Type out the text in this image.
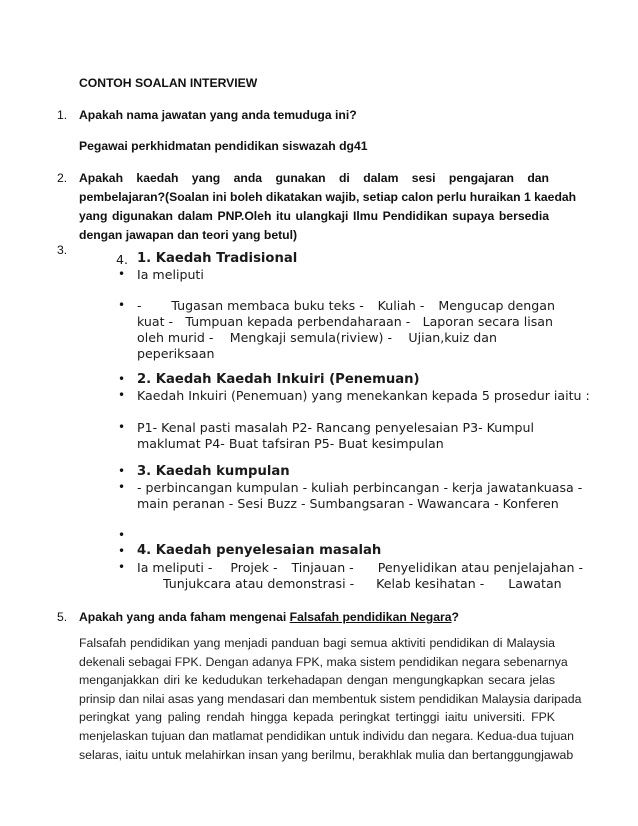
CONTOH SOALAN INTERVIEW
1. Apakah nama jawatan yang anda temuduga ini?
Pegawai perkhidmatan pendidikan siswazah dg41
2. Apakah kaedah yang anda gunakan di dalam sesi pengajaran dan
pembelajaran?(Soalan ini boleh dikatakan wajib, setiap calon perlu huraikan 1 kaedah
yang digunakan dalam PNP.Oleh itu ulangkaji Ilmu Pendidikan supaya bersedia
dengan jawapan dan teori yang betul)
3.
4. 1. Kaedah Tradisional
• Ia meliputi
• - Tugasan membaca buku teks - Kuliah - Mengucap dengan
kuat - Tumpuan kepada perbendaharaan - Laporan secara lisan
oleh murid - Mengkaji semula(riview) - Ujian,kuiz dan
peperiksaan
• 2. Kaedah Kaedah Inkuiri (Penemuan)
• Kaedah Inkuiri (Penemuan) yang menekankan kepada 5 prosedur iaitu :
• P1- Kenal pasti masalah P2- Rancang penyelesaian P3- Kumpul
maklumat P4- Buat tafsiran P5- Buat kesimpulan
• 3. Kaedah kumpulan
• - perbincangan kumpulan - kuliah perbincangan - kerja jawatankuasa -
main peranan - Sesi Buzz - Sumbangsaran - Wawancara - Konferen
•
• 4. Kaedah penyelesaian masalah
• Ia meliputi - Projek - Tinjauan - Penyelidikan atau penjelajahan -
Tunjukcara atau demonstrasi - Kelab kesihatan - Lawatan
5. Apakah yang anda faham mengenai Falsafah pendidikan Negara?
Falsafah pendidikan yang menjadi panduan bagi semua aktiviti pendidikan di Malaysia
dekenali sebagai FPK. Dengan adanya FPK, maka sistem pendidikan negara sebenarnya
menganjakkan diri ke kedudukan terkehadapan dengan mengungkapkan secara jelas
prinsip dan nilai asas yang mendasari dan membentuk sistem pendidikan Malaysia daripada
peringkat yang paling rendah hingga kepada peringkat tertinggi iaitu universiti. FPK
menjelaskan tujuan dan matlamat pendidikan untuk individu dan negara. Kedua-dua tujuan
selaras, iaitu untuk melahirkan insan yang berilmu, berakhlak mulia dan bertanggungjawab
